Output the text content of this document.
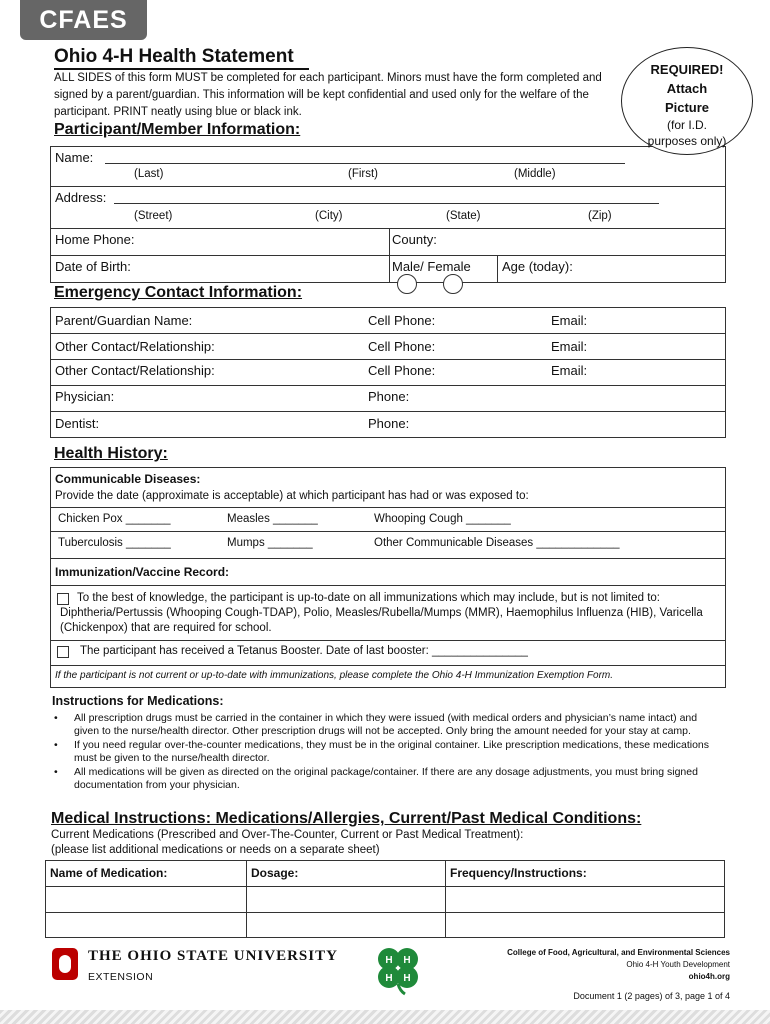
CFAES
Ohio 4-H Health Statement
ALL SIDES of this form MUST be completed for each participant. Minors must have the form completed and signed by a parent/guardian. This information will be kept confidential and used only for the welfare of the participant. PRINT neatly using blue or black ink.
Participant/Member Information:
REQUIRED!
Attach
Picture
(for I.D.
purposes only)
Name:
(Last)	(First)	(Middle)
Address:
(Street)	(City)	(State)	(Zip)
Home Phone:	County:
Date of Birth:	Male/ Female Age (today):
Emergency Contact Information:
Parent/Guardian Name:	Cell Phone:	Email:
Other Contact/Relationship:	Cell Phone:	Email:
Other Contact/Relationship:	Cell Phone:	Email:
Physician:	Phone:
Dentist:	Phone:
Health History:
Communicable Diseases:
Provide the date (approximate is acceptable) at which participant has had or was exposed to:
Chicken Pox _______	Measles _______	Whooping Cough _______
Tuberculosis _______	Mumps _______	Other Communicable Diseases _____________
Immunization/Vaccine Record:
To the best of knowledge, the participant is up-to-date on all immunizations which may include, but is not limited to: Diphtheria/Pertussis (Whooping Cough-TDAP), Polio, Measles/Rubella/Mumps (MMR), Haemophilus Influenza (HIB), Varicella (Chickenpox) that are required for school.
The participant has received a Tetanus Booster. Date of last booster: _______________
If the participant is not current or up-to-date with immunizations, please complete the Ohio 4-H Immunization Exemption Form.
Instructions for Medications:
• All prescription drugs must be carried in the container in which they were issued (with medical orders and physician’s name intact) and given to the nurse/health director. Other prescription drugs will not be accepted. Only bring the amount needed for your stay at camp.
• If you need regular over-the-counter medications, they must be in the original container. Like prescription medications, these medications must be given to the nurse/health director.
• All medications will be given as directed on the original package/container. If there are any dosage adjustments, you must bring signed documentation from your physician.
Medical Instructions: Medications/Allergies, Current/Past Medical Conditions:
Current Medications (Prescribed and Over-The-Counter, Current or Past Medical Treatment):
(please list additional medications or needs on a separate sheet)
Name of Medication:	Dosage:	Frequency/Instructions:
THE OHIO STATE UNIVERSITY
EXTENSION
H H
H H
College of Food, Agricultural, and Environmental Sciences
Ohio 4-H Youth Development
ohio4h.org
Document 1 (2 pages) of 3, page 1 of 4
